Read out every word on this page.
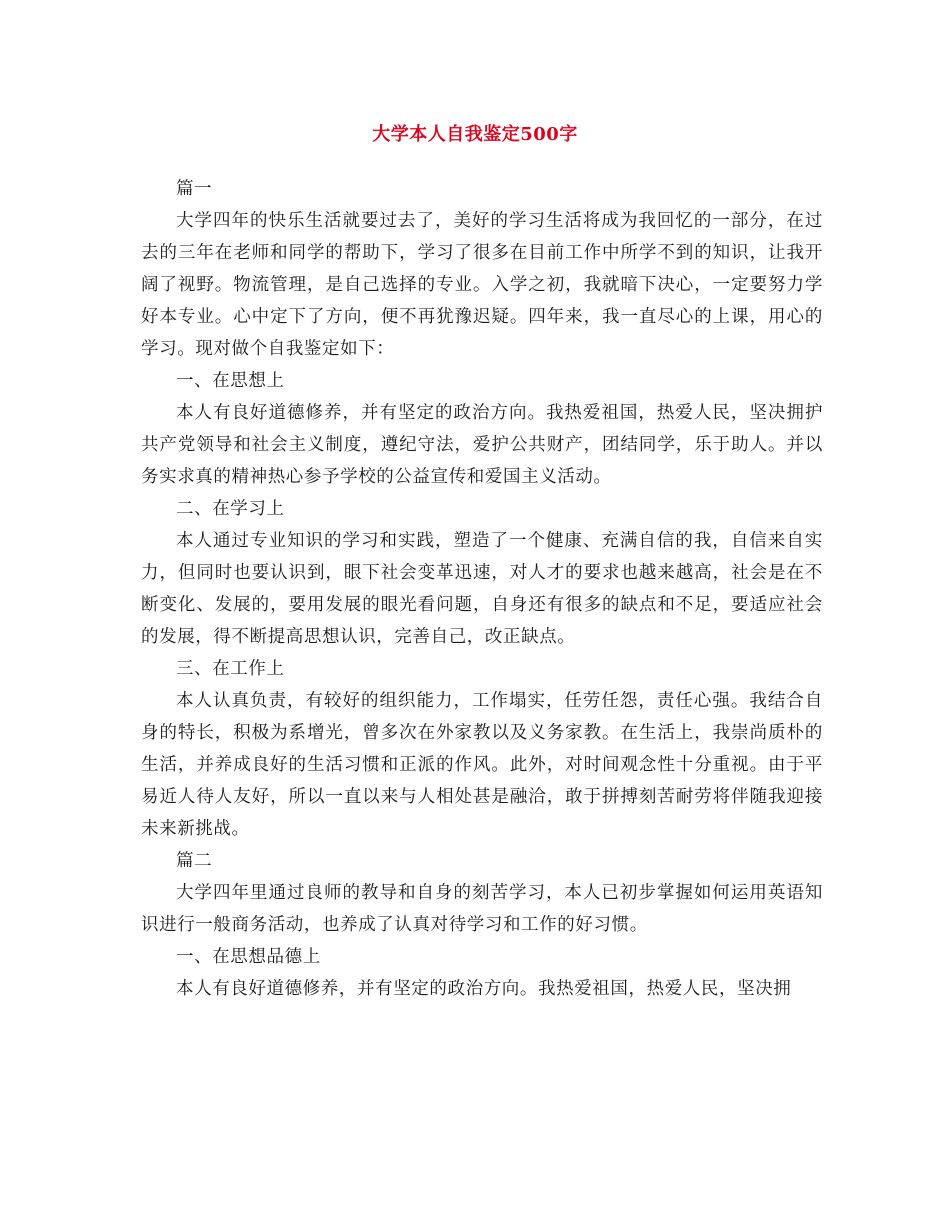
大学本人自我鉴定500字

篇一

大学四年的快乐生活就要过去了，美好的学习生活将成为我回忆的一部分，在过去的三年在老师和同学的帮助下，学习了很多在目前工作中所学不到的知识，让我开阔了视野。物流管理，是自己选择的专业。入学之初，我就暗下决心，一定要努力学好本专业。心中定下了方向，便不再犹豫迟疑。四年来，我一直尽心的上课，用心的学习。现对做个自我鉴定如下：

一、在思想上

本人有良好道德修养，并有坚定的政治方向。我热爱祖国，热爱人民，坚决拥护共产党领导和社会主义制度，遵纪守法，爱护公共财产，团结同学，乐于助人。并以务实求真的精神热心参予学校的公益宣传和爱国主义活动。

二、在学习上

本人通过专业知识的学习和实践，塑造了一个健康、充满自信的我，自信来自实力，但同时也要认识到，眼下社会变革迅速，对人才的要求也越来越高，社会是在不断变化、发展的，要用发展的眼光看问题，自身还有很多的缺点和不足，要适应社会的发展，得不断提高思想认识，完善自己，改正缺点。

三、在工作上

本人认真负责，有较好的组织能力，工作塌实，任劳任怨，责任心强。我结合自身的特长，积极为系增光，曾多次在外家教以及义务家教。在生活上，我崇尚质朴的生活，并养成良好的生活习惯和正派的作风。此外，对时间观念性十分重视。由于平易近人待人友好，所以一直以来与人相处甚是融洽，敢于拼搏刻苦耐劳将伴随我迎接未来新挑战。

篇二

大学四年里通过良师的教导和自身的刻苦学习，本人已初步掌握如何运用英语知识进行一般商务活动，也养成了认真对待学习和工作的好习惯。

一、在思想品德上

本人有良好道德修养，并有坚定的政治方向。我热爱祖国，热爱人民，坚决拥
